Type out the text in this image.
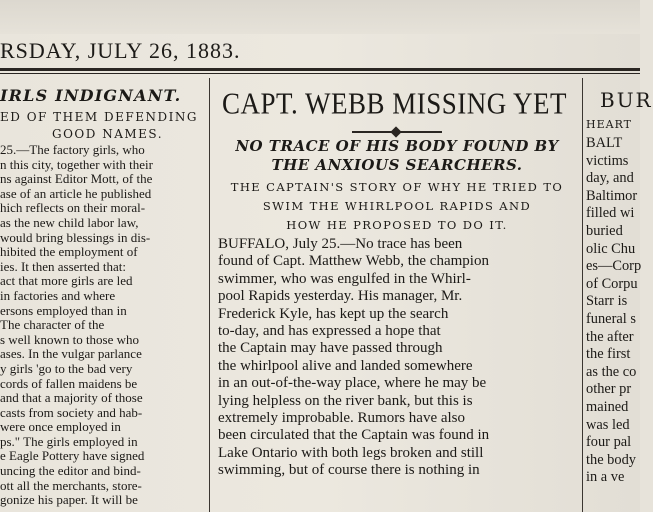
RSDAY, JULY 26, 1883.
IRLS INDIGNANT.
ED OF THEM DEFENDING
GOOD NAMES.
25.—The factory girls, who
n this city, together with their
ns against Editor Mott, of the
ase of an article he published
hich reflects on their moral-
as the new child labor law,
would bring blessings in dis-
hibited the employment of
ies. It then asserted that:
act that more girls are led
in factories and where
ersons employed than in
The character of the
s well known to those who
ases. In the vulgar parlance
y girls 'go to the bad very
cords of fallen maidens be
and that a majority of those
casts from society and hab-
were once employed in
ps." The girls employed in
e Eagle Pottery have signed
uncing the editor and bind-
ott all the merchants, store-
gonize his paper. It will be
CAPT. WEBB MISSING YET
NO TRACE OF HIS BODY FOUND BY
THE ANXIOUS SEARCHERS.
THE CAPTAIN'S STORY OF WHY HE TRIED TO
SWIM THE WHIRLPOOL RAPIDS AND
HOW HE PROPOSED TO DO IT.
BUFFALO, July 25.—No trace has been
found of Capt. Matthew Webb, the champion
swimmer, who was engulfed in the Whirl-
pool Rapids yesterday. His manager, Mr.
Frederick Kyle, has kept up the search
to-day, and has expressed a hope that
the Captain may have passed through
the whirlpool alive and landed somewhere
in an out-of-the-way place, where he may be
lying helpless on the river bank, but this is
extremely improbable. Rumors have also
been circulated that the Captain was found in
Lake Ontario with both legs broken and still
swimming, but of course there is nothing in
BUR
HEART
BALT
victims
day, and
Baltimor
filled wi
buried
olic Chu
es—Corp
of Corpu
Starr is
funeral s
the after
the first
as the co
other pr
mained
was led
four pal
the body
in a ve
